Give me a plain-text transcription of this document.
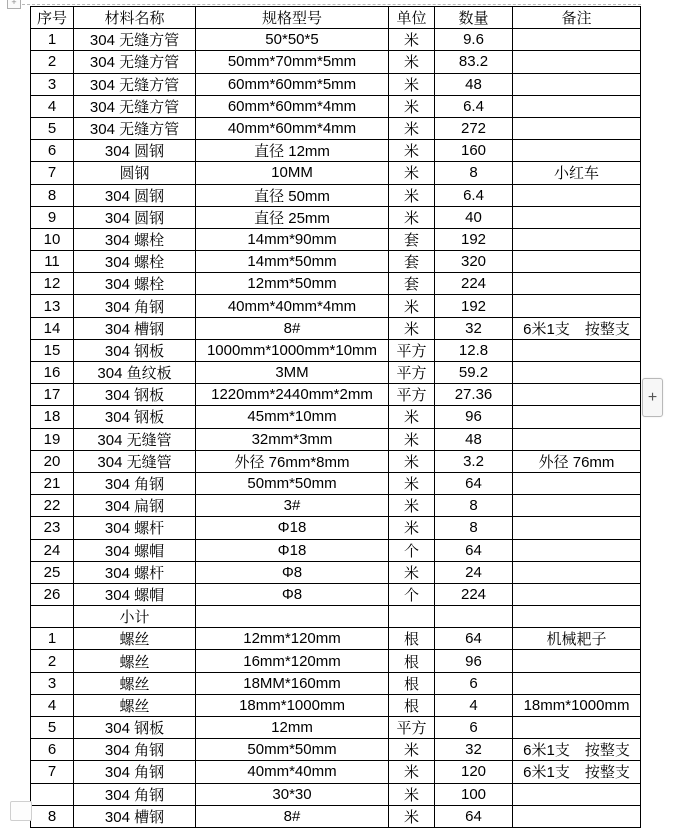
+
序号	材料名称	规格型号	单位	数量	备注
1	304 无缝方管	50*50*5	米	9.6	
2	304 无缝方管	50mm*70mm*5mm	米	83.2	
3	304 无缝方管	60mm*60mm*5mm	米	48	
4	304 无缝方管	60mm*60mm*4mm	米	6.4	
5	304 无缝方管	40mm*60mm*4mm	米	272	
6	304 圆钢	直径 12mm	米	160	
7	圆钢	10MM	米	8	小红车
8	304 圆钢	直径 50mm	米	6.4	
9	304 圆钢	直径 25mm	米	40	
10	304 螺栓	14mm*90mm	套	192	
11	304 螺栓	14mm*50mm	套	320	
12	304 螺栓	12mm*50mm	套	224	
13	304 角钢	40mm*40mm*4mm	米	192	
14	304 槽钢	8#	米	32	6米1支　按整支
15	304 钢板	1000mm*1000mm*10mm	平方	12.8	
16	304 鱼纹板	3MM	平方	59.2	
17	304 钢板	1220mm*2440mm*2mm	平方	27.36	
18	304 钢板	45mm*10mm	米	96	
19	304 无缝管	32mm*3mm	米	48	
20	304 无缝管	外径 76mm*8mm	米	3.2	外径 76mm
21	304 角钢	50mm*50mm	米	64	
22	304 扁钢	3#	米	8	
23	304 螺杆	Φ18	米	8	
24	304 螺帽	Φ18	个	64	
25	304 螺杆	Φ8	米	24	
26	304 螺帽	Φ8	个	224	
	小计				
1	螺丝	12mm*120mm	根	64	机械耙子
2	螺丝	16mm*120mm	根	96	
3	螺丝	18MM*160mm	根	6	
4	螺丝	18mm*1000mm	根	4	18mm*1000mm
5	304 钢板	12mm	平方	6	
6	304 角钢	50mm*50mm	米	32	6米1支　按整支
7	304 角钢	40mm*40mm	米	120	6米1支　按整支
	304 角钢	30*30	米	100	
8	304 槽钢	8#	米	64	
+
